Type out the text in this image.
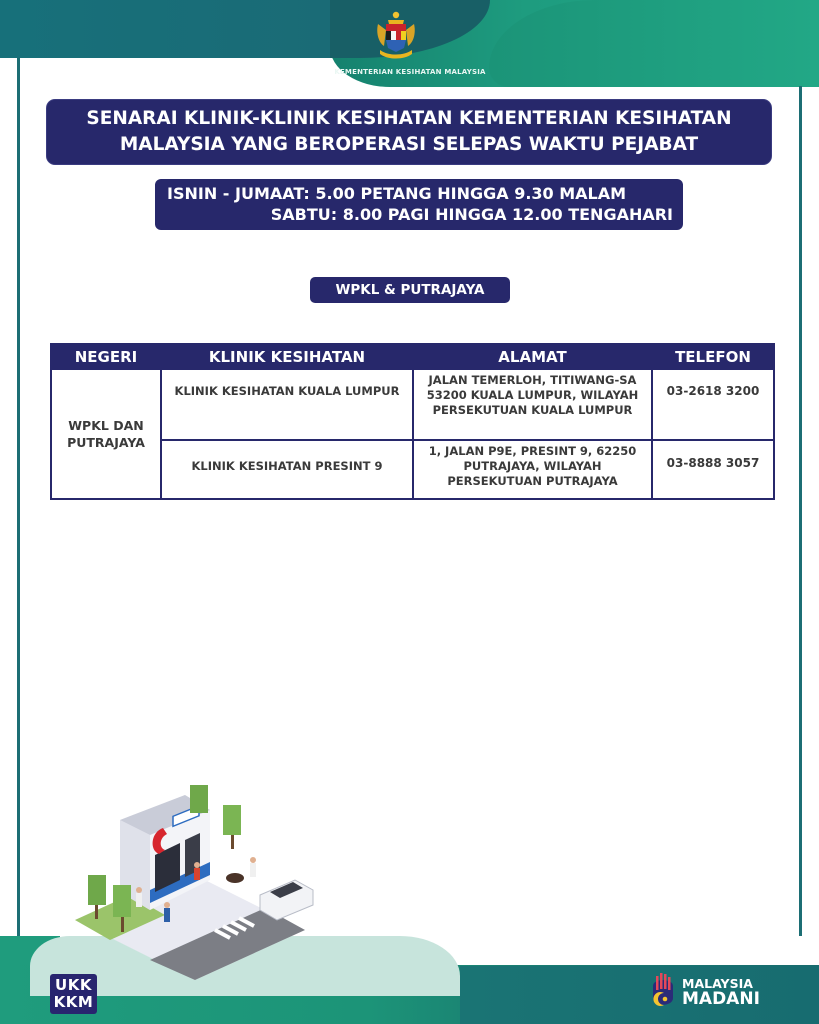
KEMENTERIAN KESIHATAN MALAYSIA
SENARAI KLINIK-KLINIK KESIHATAN KEMENTERIAN KESIHATAN
MALAYSIA YANG BEROPERASI SELEPAS WAKTU PEJABAT
ISNIN - JUMAAT: 5.00 PETANG HINGGA 9.30 MALAM
SABTU: 8.00 PAGI HINGGA 12.00 TENGAHARI
WPKL & PUTRAJAYA
NEGERI	KLINIK KESIHATAN	ALAMAT	TELEFON
WPKL DAN PUTRAJAYA	KLINIK KESIHATAN KUALA LUMPUR	JALAN TEMERLOH, TITIWANG-SA 53200 KUALA LUMPUR, WILAYAH PERSEKUTUAN KUALA LUMPUR	03-2618 3200
	KLINIK KESIHATAN PRESINT 9	1, JALAN P9E, PRESINT 9, 62250 PUTRAJAYA, WILAYAH PERSEKUTUAN PUTRAJAYA	03-8888 3057
UKK
KKM
MALAYSIA
MADANI
